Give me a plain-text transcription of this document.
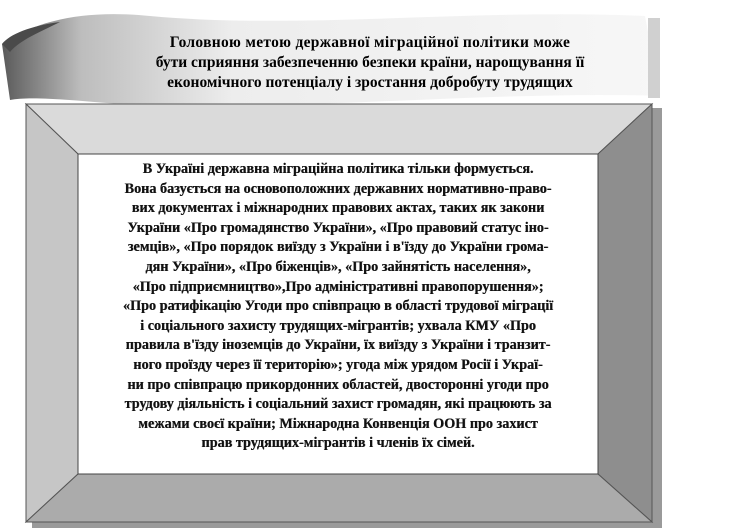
Головною метою державної міграційної політики може
бути сприяння забезпеченню безпеки країни, нарощування її
економічного потенціалу і зростання добробуту трудящих
В Україні державна міграційна політика тільки формується.
Вона базується на основоположних державних нормативно-право-
вих документах і міжнародних правових актах, таких як закони
України «Про громадянство України», «Про правовий статус іно-
земців», «Про порядок виїзду з України і в'їзду до України грома-
дян України», «Про біженців», «Про зайнятість населення»,
«Про підприємництво»,Про адміністративні правопорушення»;
«Про ратифікацію Угоди про співпрацю в області трудової міграції
і соціального захисту трудящих-мігрантів; ухвала КМУ «Про
правила в'їзду іноземців до України, їх виїзду з України і транзит-
ного проїзду через її територію»; угода між урядом Росії і Украї-
ни про співпрацю прикордонних областей, двосторонні угоди про
трудову діяльність і соціальний захист громадян, які працюють за
межами своєї країни; Міжнародна Конвенція ООН про захист
прав трудящих-мігрантів і членів їх сімей.
